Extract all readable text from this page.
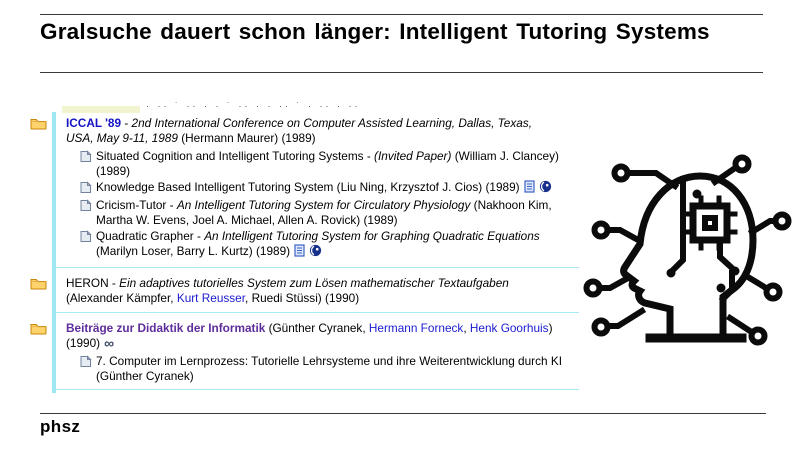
Gralsuche dauert schon länger: Intelligent Tutoring Systems
· ·· ˙ ·· · · ˙ ·· · · ·· ˙ · ·· · ··
ICCAL '89 - 2nd International Conference on Computer Assisted Learning, Dallas, Texas, USA, May 9-11, 1989 (Hermann Maurer) (1989)
Situated Cognition and Intelligent Tutoring Systems - (Invited Paper) (William J. Clancey) (1989)
Knowledge Based Intelligent Tutoring System (Liu Ning, Krzysztof J. Cios) (1989)
Cricism-Tutor - An Intelligent Tutoring System for Circulatory Physiology (Nakhoon Kim, Martha W. Evens, Joel A. Michael, Allen A. Rovick) (1989)
Quadratic Grapher - An Intelligent Tutoring System for Graphing Quadratic Equations (Marilyn Loser, Barry L. Kurtz) (1989)
HERON - Ein adaptives tutorielles System zum Lösen mathematischer Textaufgaben (Alexander Kämpfer, Kurt Reusser, Ruedi Stüssi) (1990)
Beiträge zur Didaktik der Informatik (Günther Cyranek, Hermann Forneck, Henk Goorhuis) (1990) ∞
7. Computer im Lernprozess: Tutorielle Lehrsysteme und ihre Weiterentwicklung durch KI (Günther Cyranek)
phsz
